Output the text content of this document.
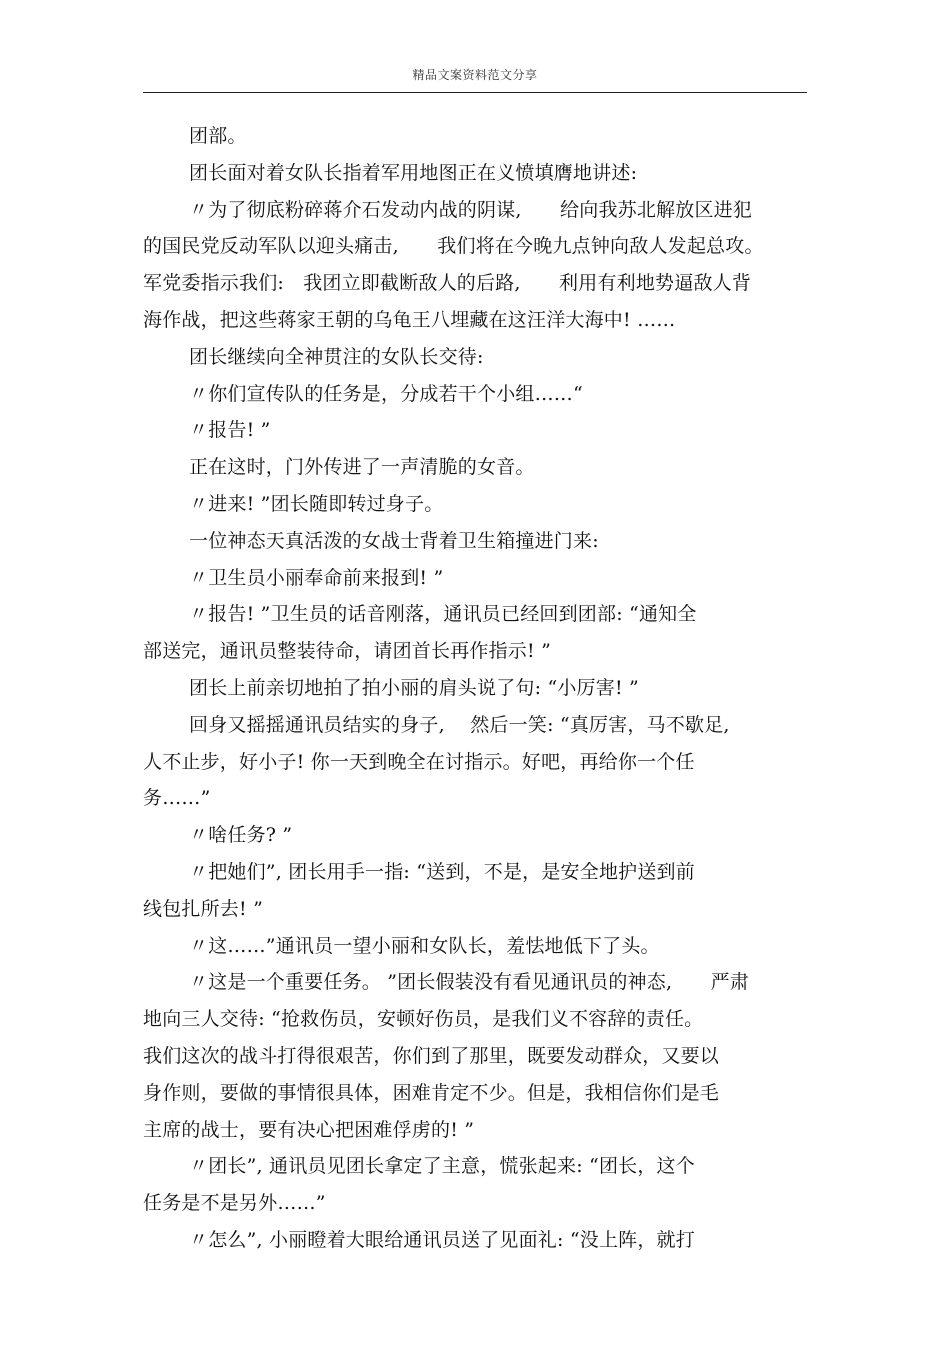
精品文案资料范文分享
团部。
团长面对着女队长指着军用地图正在义愤填膺地讲述:
〃为了彻底粉碎蒋介石发动内战的阴谋,　　给向我苏北解放区进犯
的国民党反动军队以迎头痛击,　　我们将在今晚九点钟向敌人发起总攻。
军党委指示我们:　我团立即截断敌人的后路,　　利用有利地势逼敌人背
海作战，把这些蒋家王朝的乌龟王八埋藏在这汪洋大海中! ……
团长继续向全神贯注的女队长交待:
〃你们宣传队的任务是，分成若干个小组……“
〃报告! ”
正在这时，门外传进了一声清脆的女音。
〃进来! ”团长随即转过身子。
一位神态天真活泼的女战士背着卫生箱撞进门来:
〃卫生员小丽奉命前来报到! ”
〃报告! ”卫生员的话音刚落，通讯员已经回到团部: “通知全
部送完，通讯员整装待命，请团首长再作指示! ”
团长上前亲切地拍了拍小丽的肩头说了句: “小厉害! ”
回身又摇摇通讯员结实的身子,　 然后一笑: “真厉害，马不歇足,
人不止步，好小子! 你一天到晚全在讨指示。好吧，再给你一个任
务……”
〃啥任务? ”
〃把她们”, 团长用手一指: “送到，不是，是安全地护送到前
线包扎所去! ”
〃这……”通讯员一望小丽和女队长，羞怯地低下了头。
〃这是一个重要任务。 ”团长假装没有看见通讯员的神态,　　严肃
地向三人交待: “抢救伤员，安顿好伤员，是我们义不容辞的责任。
我们这次的战斗打得很艰苦，你们到了那里，既要发动群众，又要以
身作则，要做的事情很具体，困难肯定不少。但是，我相信你们是毛
主席的战士，要有决心把困难俘虏的! ”
〃团长”, 通讯员见团长拿定了主意，慌张起来: “团长，这个
任务是不是另外……”
〃怎么”, 小丽瞪着大眼给通讯员送了见面礼: “没上阵，就打
